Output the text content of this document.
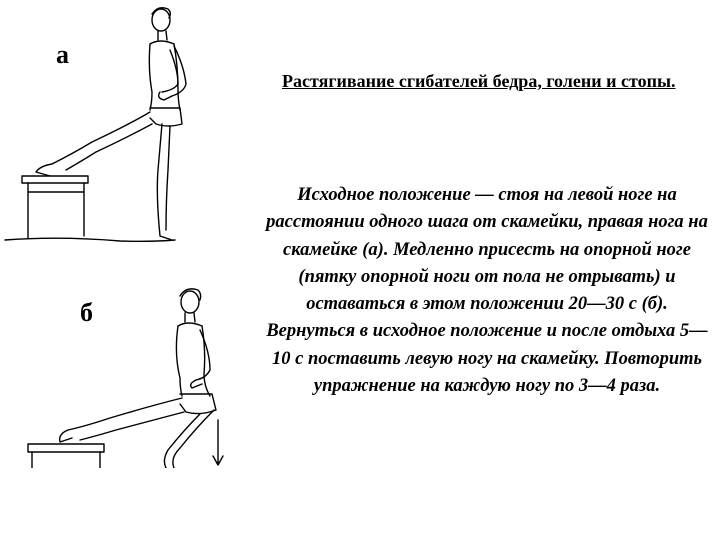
а
б

Растягивание сгибателей бедра, голени и стопы.

Исходное положение — стоя на левой ноге на расстоянии одного шага от скамейки, правая нога на скамейке (а). Медленно присесть на опорной ноге (пятку опорной ноги от пола не отрывать) и оставаться в этом положении 20—30 с (б). Вернуться в исходное положение и после отдыха 5—10 с поставить левую ногу на скамейку. Повторить упражнение на каждую ногу по 3—4 раза.
